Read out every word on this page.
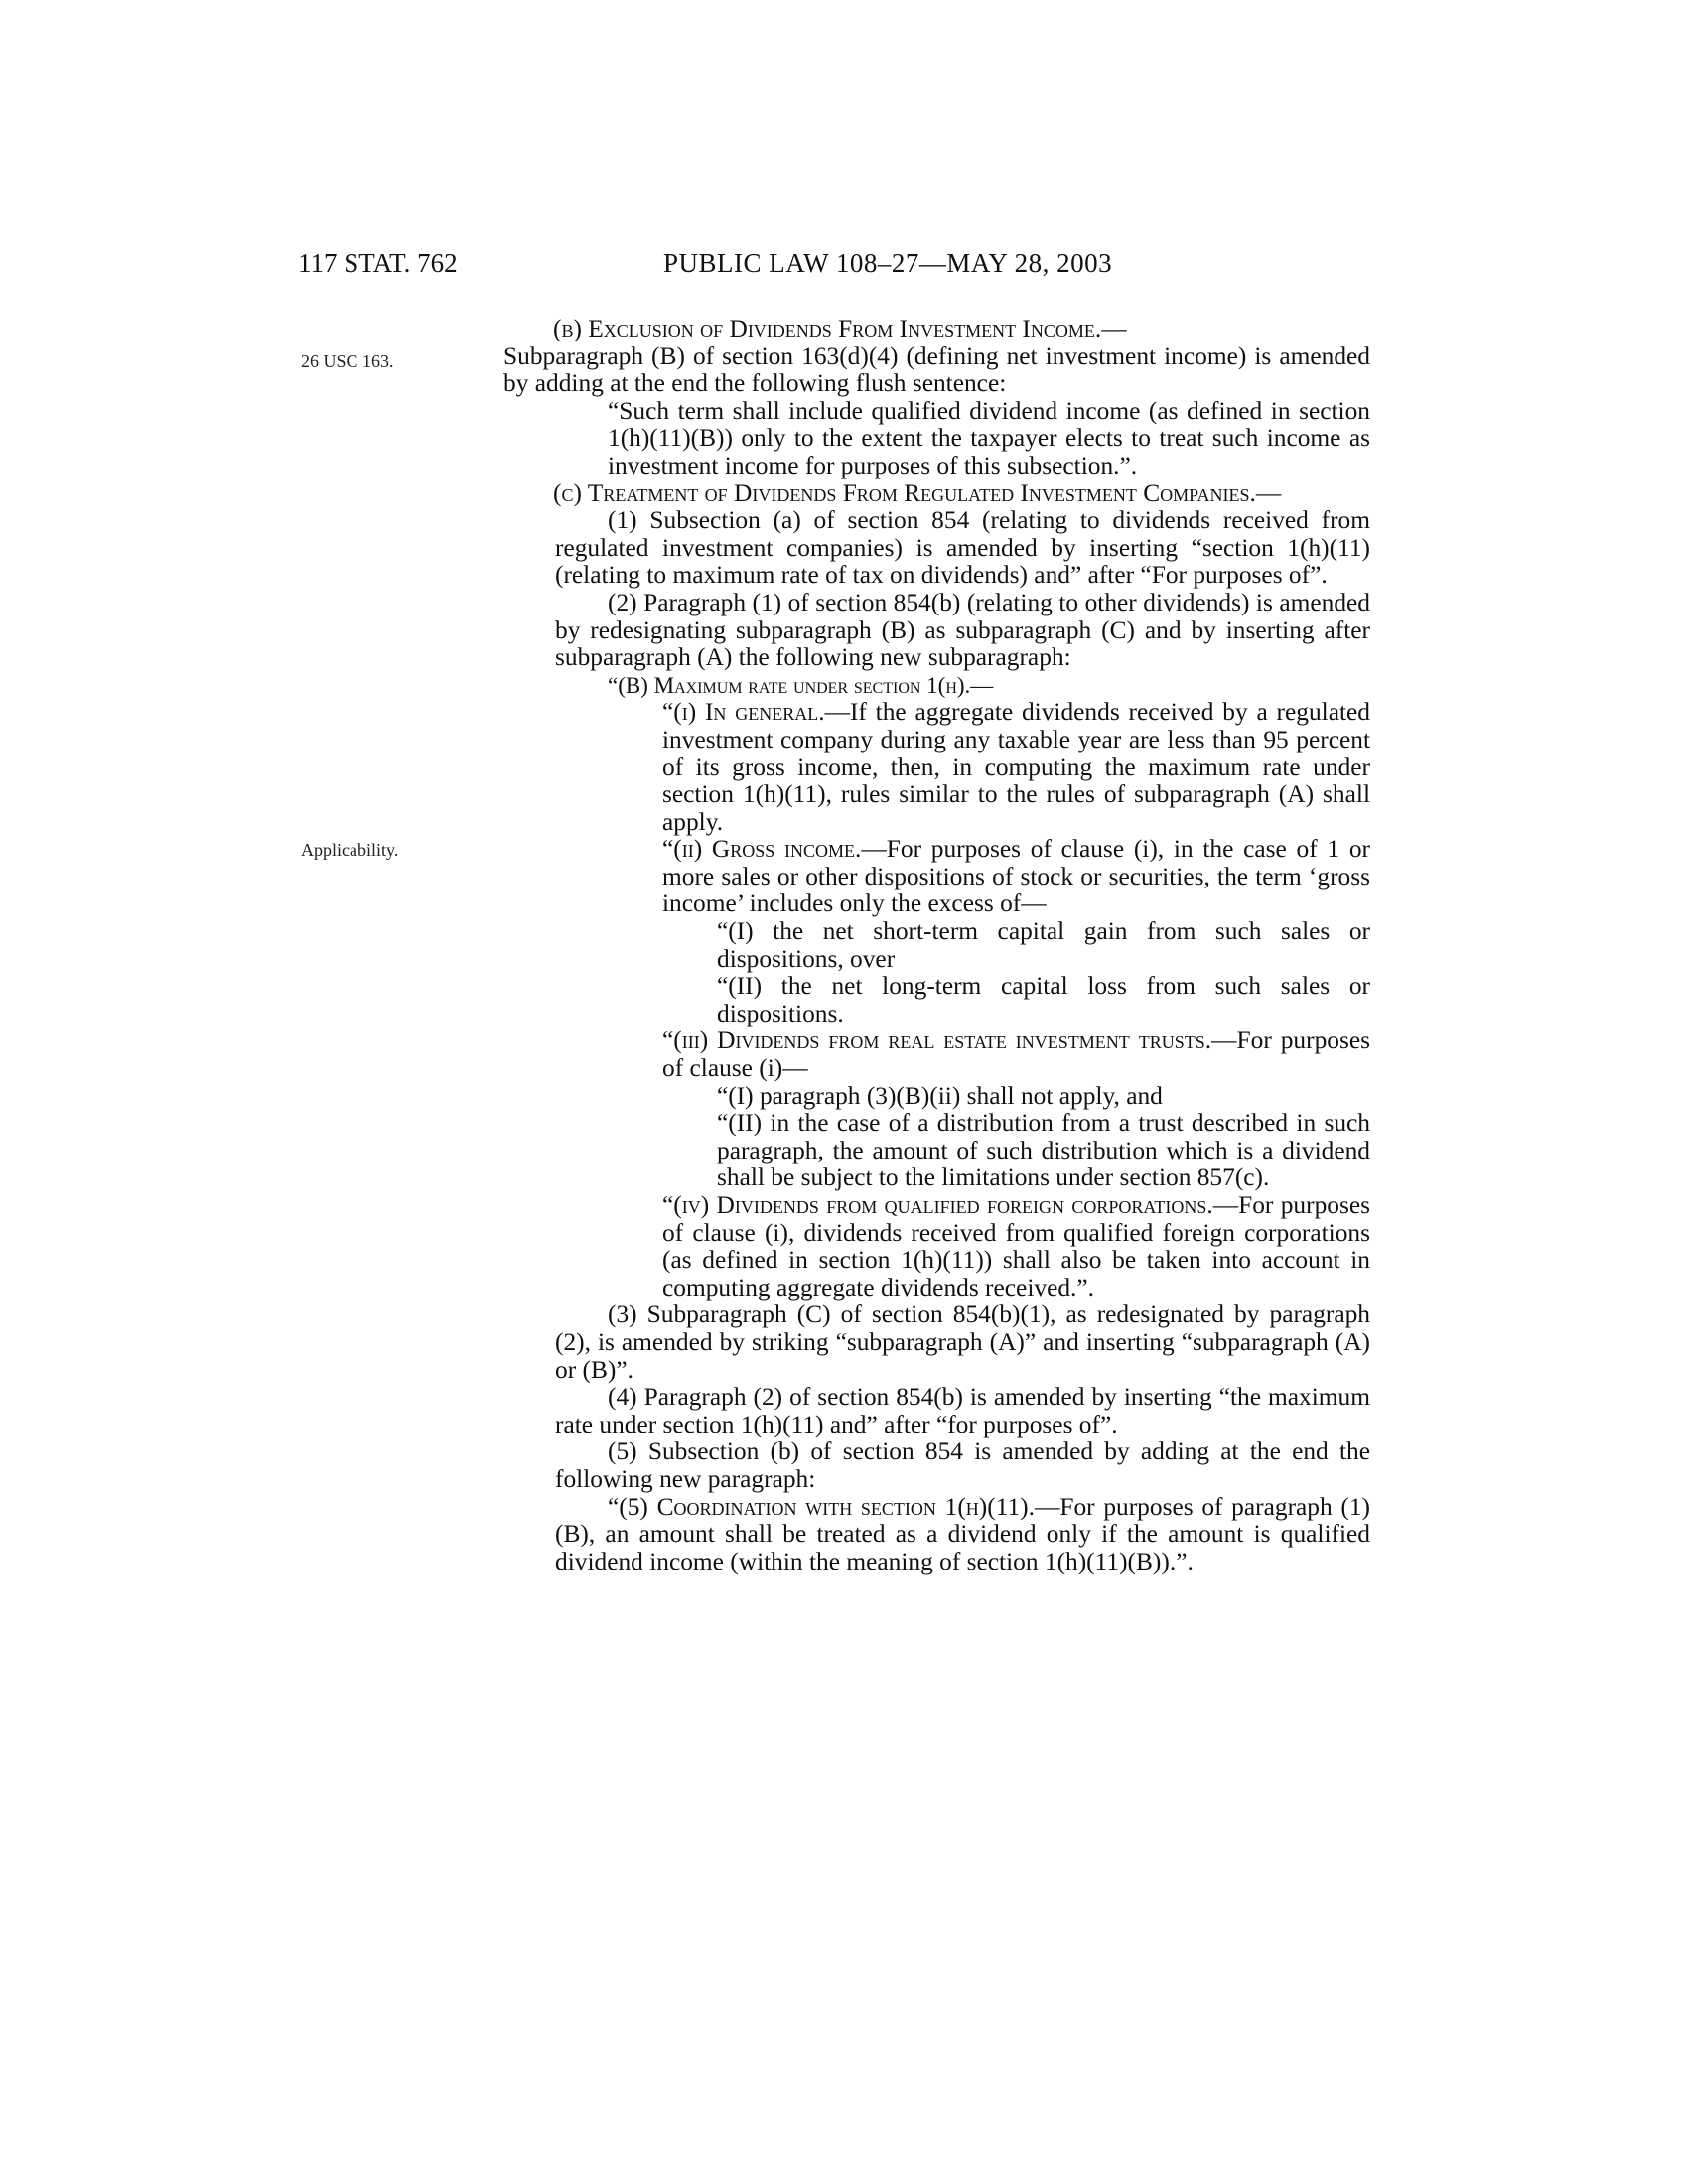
117 STAT. 762	PUBLIC LAW 108–27—MAY 28, 2003
26 USC 163.
Applicability.

(b) Exclusion of Dividends From Investment Income.—

Subparagraph (B) of section 163(d)(4) (defining net investment income) is amended by adding at the end the following flush sentence:

“Such term shall include qualified dividend income (as defined in section 1(h)(11)(B)) only to the extent the taxpayer elects to treat such income as investment income for purposes of this subsection.”.

(c) Treatment of Dividends From Regulated Investment Companies.—

(1) Subsection (a) of section 854 (relating to dividends received from regulated investment companies) is amended by inserting “section 1(h)(11) (relating to maximum rate of tax on dividends) and” after “For purposes of”.

(2) Paragraph (1) of section 854(b) (relating to other dividends) is amended by redesignating subparagraph (B) as subparagraph (C) and by inserting after subparagraph (A) the following new subparagraph:

“(B) Maximum rate under section 1(h).—

“(i) In general.—If the aggregate dividends received by a regulated investment company during any taxable year are less than 95 percent of its gross income, then, in computing the maximum rate under section 1(h)(11), rules similar to the rules of subparagraph (A) shall apply.

“(ii) Gross income.—For purposes of clause (i), in the case of 1 or more sales or other dispositions of stock or securities, the term ‘gross income’ includes only the excess of—

“(I) the net short-term capital gain from such sales or dispositions, over

“(II) the net long-term capital loss from such sales or dispositions.

“(iii) Dividends from real estate investment trusts.—For purposes of clause (i)—

“(I) paragraph (3)(B)(ii) shall not apply, and

“(II) in the case of a distribution from a trust described in such paragraph, the amount of such distribution which is a dividend shall be subject to the limitations under section 857(c).

“(iv) Dividends from qualified foreign corporations.—For purposes of clause (i), dividends received from qualified foreign corporations (as defined in section 1(h)(11)) shall also be taken into account in computing aggregate dividends received.”.

(3) Subparagraph (C) of section 854(b)(1), as redesignated by paragraph (2), is amended by striking “subparagraph (A)” and inserting “subparagraph (A) or (B)”.

(4) Paragraph (2) of section 854(b) is amended by inserting “the maximum rate under section 1(h)(11) and” after “for purposes of”.

(5) Subsection (b) of section 854 is amended by adding at the end the following new paragraph:

“(5) Coordination with section 1(h)(11).—For purposes of paragraph (1)(B), an amount shall be treated as a dividend only if the amount is qualified dividend income (within the meaning of section 1(h)(11)(B)).”.
